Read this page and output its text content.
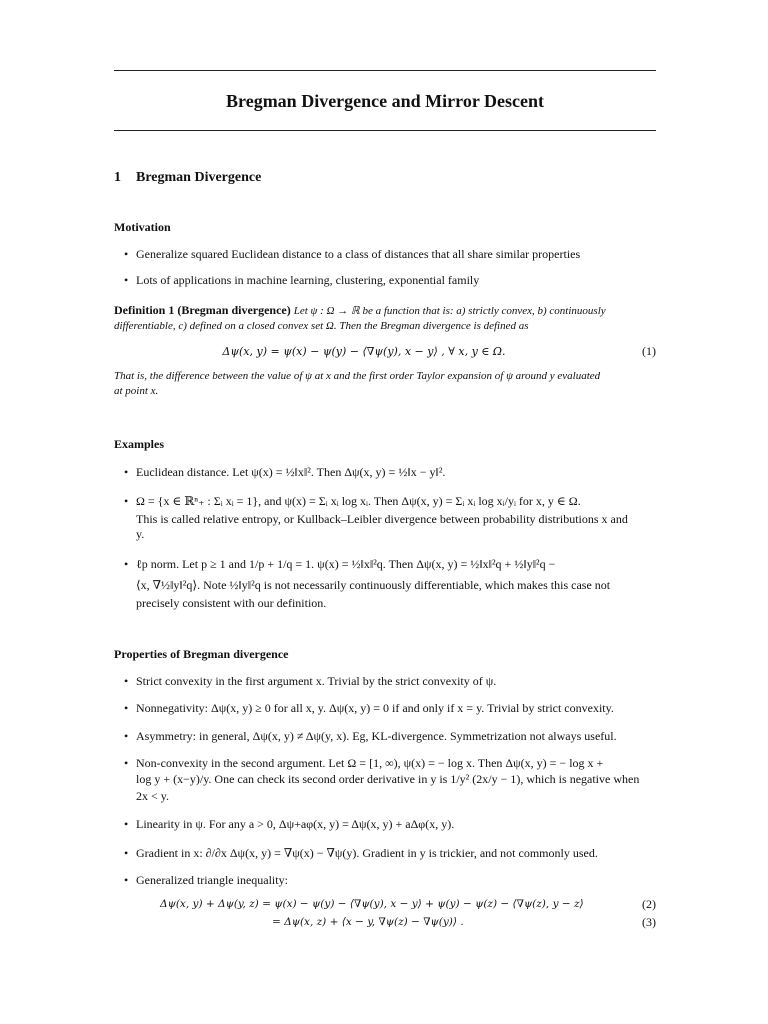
Bregman Divergence and Mirror Descent
1 Bregman Divergence
Motivation
• Generalize squared Euclidean distance to a class of distances that all share similar properties
• Lots of applications in machine learning, clustering, exponential family
Definition 1 (Bregman divergence) Let ψ : Ω → ℝ be a function that is: a) strictly convex, b) continuously
differentiable, c) defined on a closed convex set Ω. Then the Bregman divergence is defined as
Δψ(x, y) = ψ(x) − ψ(y) − ⟨∇ψ(y), x − y⟩ , ∀ x, y ∈ Ω.	(1)
That is, the difference between the value of ψ at x and the first order Taylor expansion of ψ around y evaluated
at point x.
Examples
• Euclidean distance. Let ψ(x) = ½‖x‖². Then Δψ(x, y) = ½‖x − y‖².
• Ω = {x ∈ ℝⁿ₊ : Σᵢ xᵢ = 1}, and ψ(x) = Σᵢ xᵢ log xᵢ. Then Δψ(x, y) = Σᵢ xᵢ log xᵢ/yᵢ for x, y ∈ Ω.
This is called relative entropy, or Kullback–Leibler divergence between probability distributions x and
y.
• ℓp norm. Let p ≥ 1 and 1/p + 1/q = 1. ψ(x) = ½‖x‖²q. Then Δψ(x, y) = ½‖x‖²q + ½‖y‖²q −
⟨x, ∇½‖y‖²q⟩. Note ½‖y‖²q is not necessarily continuously differentiable, which makes this case not
precisely consistent with our definition.
Properties of Bregman divergence
• Strict convexity in the first argument x. Trivial by the strict convexity of ψ.
• Nonnegativity: Δψ(x, y) ≥ 0 for all x, y. Δψ(x, y) = 0 if and only if x = y. Trivial by strict convexity.
• Asymmetry: in general, Δψ(x, y) ≠ Δψ(y, x). Eg, KL-divergence. Symmetrization not always useful.
• Non-convexity in the second argument. Let Ω = [1, ∞), ψ(x) = − log x. Then Δψ(x, y) = − log x +
log y + (x−y)/y. One can check its second order derivative in y is 1/y² (2x/y − 1), which is negative when
2x < y.
• Linearity in ψ. For any a > 0, Δψ+aφ(x, y) = Δψ(x, y) + aΔφ(x, y).
• Gradient in x: ∂/∂x Δψ(x, y) = ∇ψ(x) − ∇ψ(y). Gradient in y is trickier, and not commonly used.
• Generalized triangle inequality:
Δψ(x, y) + Δψ(y, z) = ψ(x) − ψ(y) − ⟨∇ψ(y), x − y⟩ + ψ(y) − ψ(z) − ⟨∇ψ(z), y − z⟩	(2)
= Δψ(x, z) + ⟨x − y, ∇ψ(z) − ∇ψ(y)⟩ .	(3)
